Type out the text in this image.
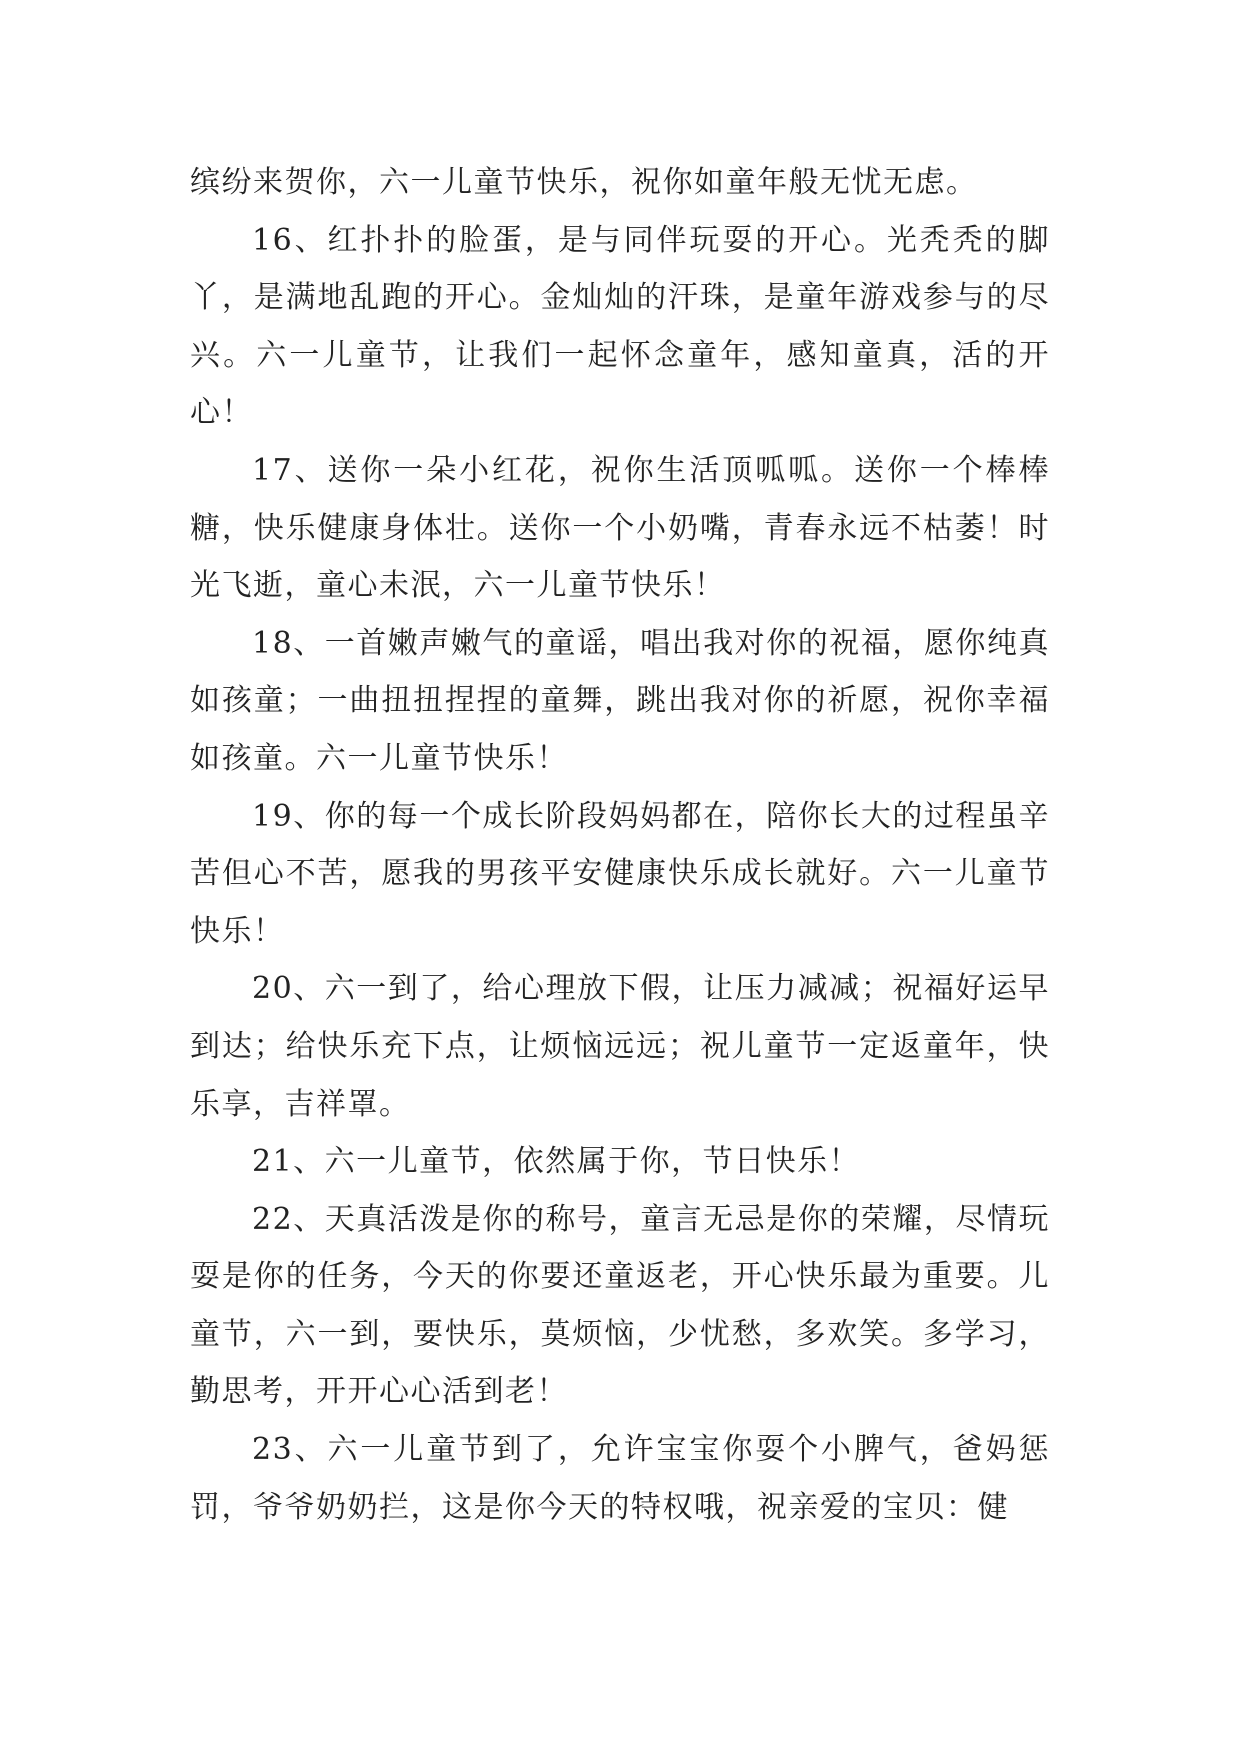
缤纷来贺你，六一儿童节快乐，祝你如童年般无忧无虑。

16、红扑扑的脸蛋，是与同伴玩耍的开心。光秃秃的脚丫，是满地乱跑的开心。金灿灿的汗珠，是童年游戏参与的尽兴。六一儿童节，让我们一起怀念童年，感知童真，活的开心！

17、送你一朵小红花，祝你生活顶呱呱。送你一个棒棒糖，快乐健康身体壮。送你一个小奶嘴，青春永远不枯萎！时光飞逝，童心未泯，六一儿童节快乐！

18、一首嫩声嫩气的童谣，唱出我对你的祝福，愿你纯真如孩童；一曲扭扭捏捏的童舞，跳出我对你的祈愿，祝你幸福如孩童。六一儿童节快乐！

19、你的每一个成长阶段妈妈都在，陪你长大的过程虽辛苦但心不苦，愿我的男孩平安健康快乐成长就好。六一儿童节快乐！

20、六一到了，给心理放下假，让压力减减；祝福好运早到达；给快乐充下点，让烦恼远远；祝儿童节一定返童年，快乐享，吉祥罩。

21、六一儿童节，依然属于你，节日快乐！

22、天真活泼是你的称号，童言无忌是你的荣耀，尽情玩耍是你的任务，今天的你要还童返老，开心快乐最为重要。儿童节，六一到，要快乐，莫烦恼，少忧愁，多欢笑。多学习，勤思考，开开心心活到老！

23、六一儿童节到了，允许宝宝你耍个小脾气，爸妈惩罚，爷爷奶奶拦，这是你今天的特权哦，祝亲爱的宝贝：健
